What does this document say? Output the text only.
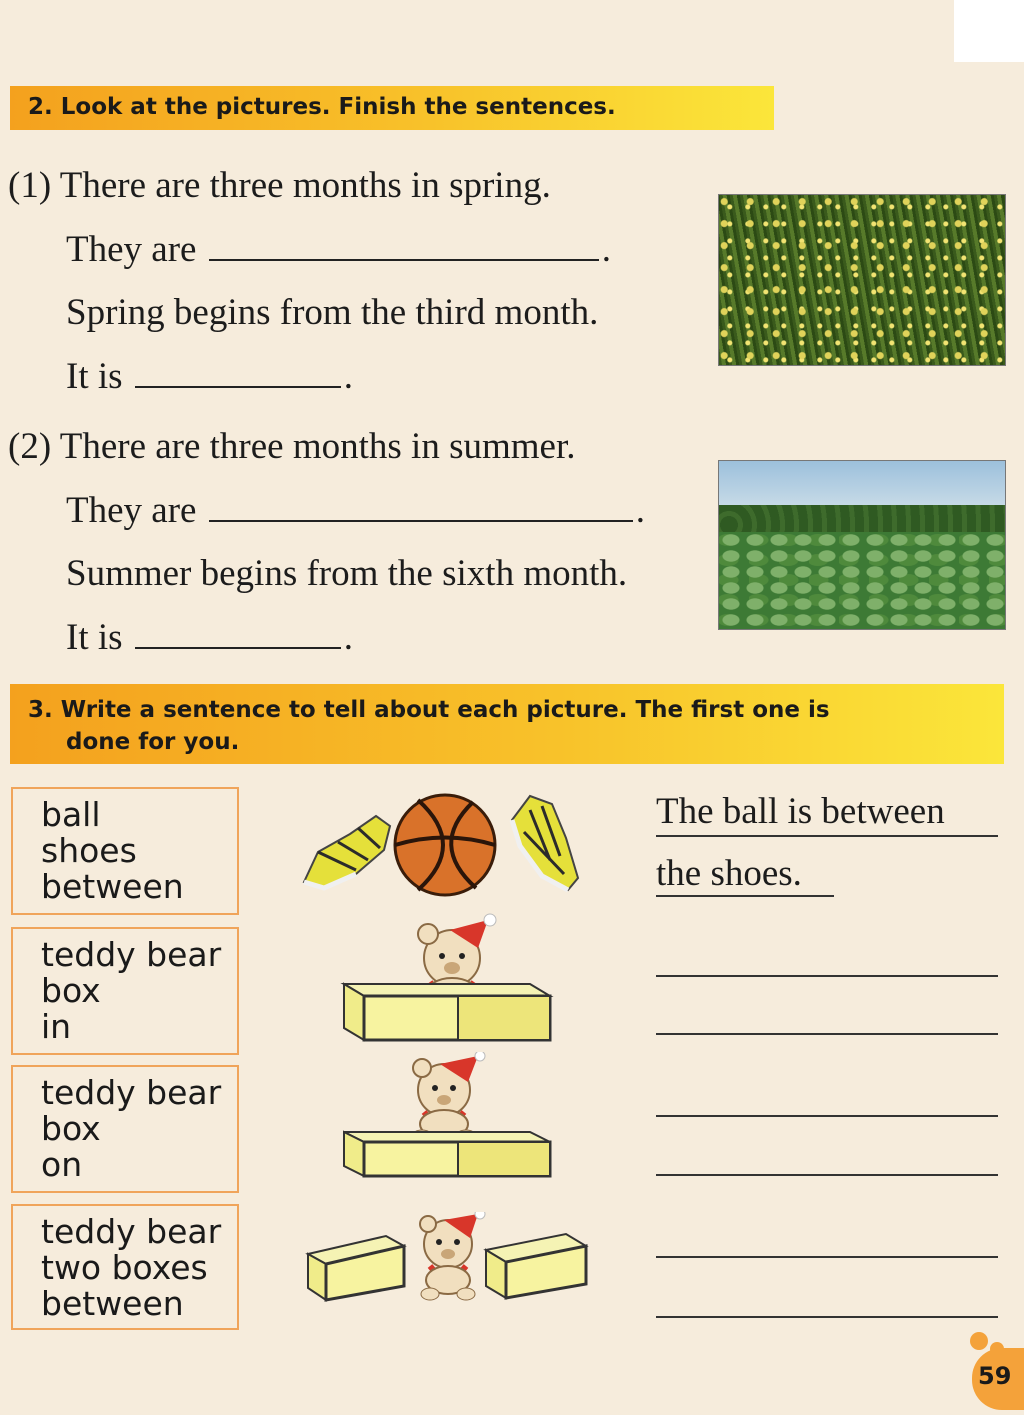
2. Look at the pictures. Finish the sentences.
(1) There are three months in spring.
They are	.
Spring begins from the third month.
It is	.
(2) There are three months in summer.
They are	.
Summer begins from the sixth month.
It is	.
3. Write a sentence to tell about each picture. The first one is
done for you.
ball
shoes
between
The ball is between
the shoes.
teddy bear
box
in
teddy bear
box
on
teddy bear
two boxes
between
59
